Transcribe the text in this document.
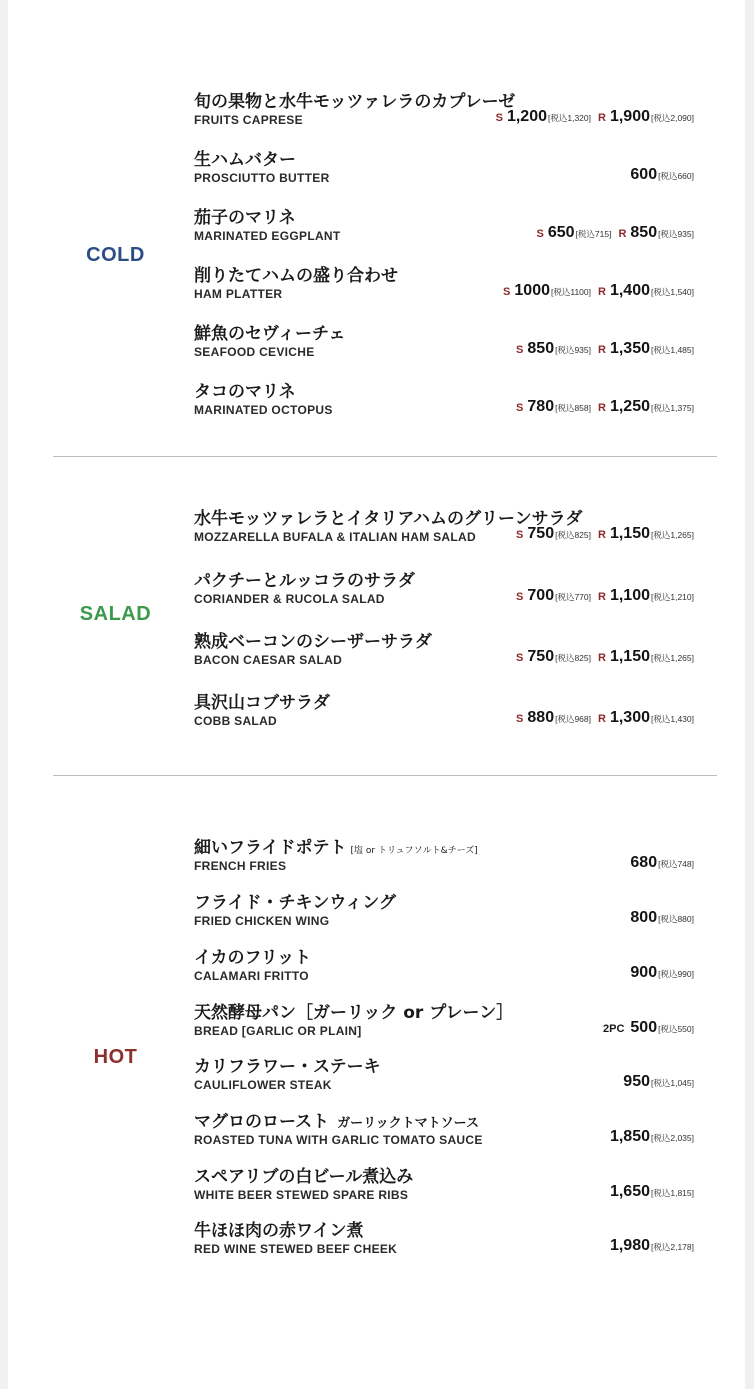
COLD
旬の果物と水牛モッツァレラのカプレーゼ
FRUITS CAPRESE	S 1,200[税込1,320] R 1,900[税込2,090]
生ハムバター
PROSCIUTTO BUTTER	600[税込660]
茄子のマリネ
MARINATED EGGPLANT	S 650[税込715] R 850[税込935]
削りたてハムの盛り合わせ
HAM PLATTER	S 1000[税込1100] R 1,400[税込1,540]
鮮魚のセヴィーチェ
SEAFOOD CEVICHE	S 850[税込935] R 1,350[税込1,485]
タコのマリネ
MARINATED OCTOPUS	S 780[税込858] R 1,250[税込1,375]
SALAD
水牛モッツァレラとイタリアハムのグリーンサラダ
MOZZARELLA BUFALA & ITALIAN HAM SALAD	S 750[税込825] R 1,150[税込1,265]
パクチーとルッコラのサラダ
CORIANDER & RUCOLA SALAD	S 700[税込770] R 1,100[税込1,210]
熟成ベーコンのシーザーサラダ
BACON CAESAR SALAD	S 750[税込825] R 1,150[税込1,265]
具沢山コブサラダ
COBB SALAD	S 880[税込968] R 1,300[税込1,430]
HOT
細いフライドポテト [塩 or トリュフソルト&チーズ]
FRENCH FRIES	680[税込748]
フライド・チキンウィング
FRIED CHICKEN WING	800[税込880]
イカのフリット
CALAMARI FRITTO	900[税込990]
天然酵母パン［ガーリック or プレーン］
BREAD [GARLIC OR PLAIN]	2PC 500[税込550]
カリフラワー・ステーキ
CAULIFLOWER STEAK	950[税込1,045]
マグロのロースト ガーリックトマトソース
ROASTED TUNA WITH GARLIC TOMATO SAUCE	1,850[税込2,035]
スペアリブの白ビール煮込み
WHITE BEER STEWED SPARE RIBS	1,650[税込1,815]
牛ほほ肉の赤ワイン煮
RED WINE STEWED BEEF CHEEK	1,980[税込2,178]
